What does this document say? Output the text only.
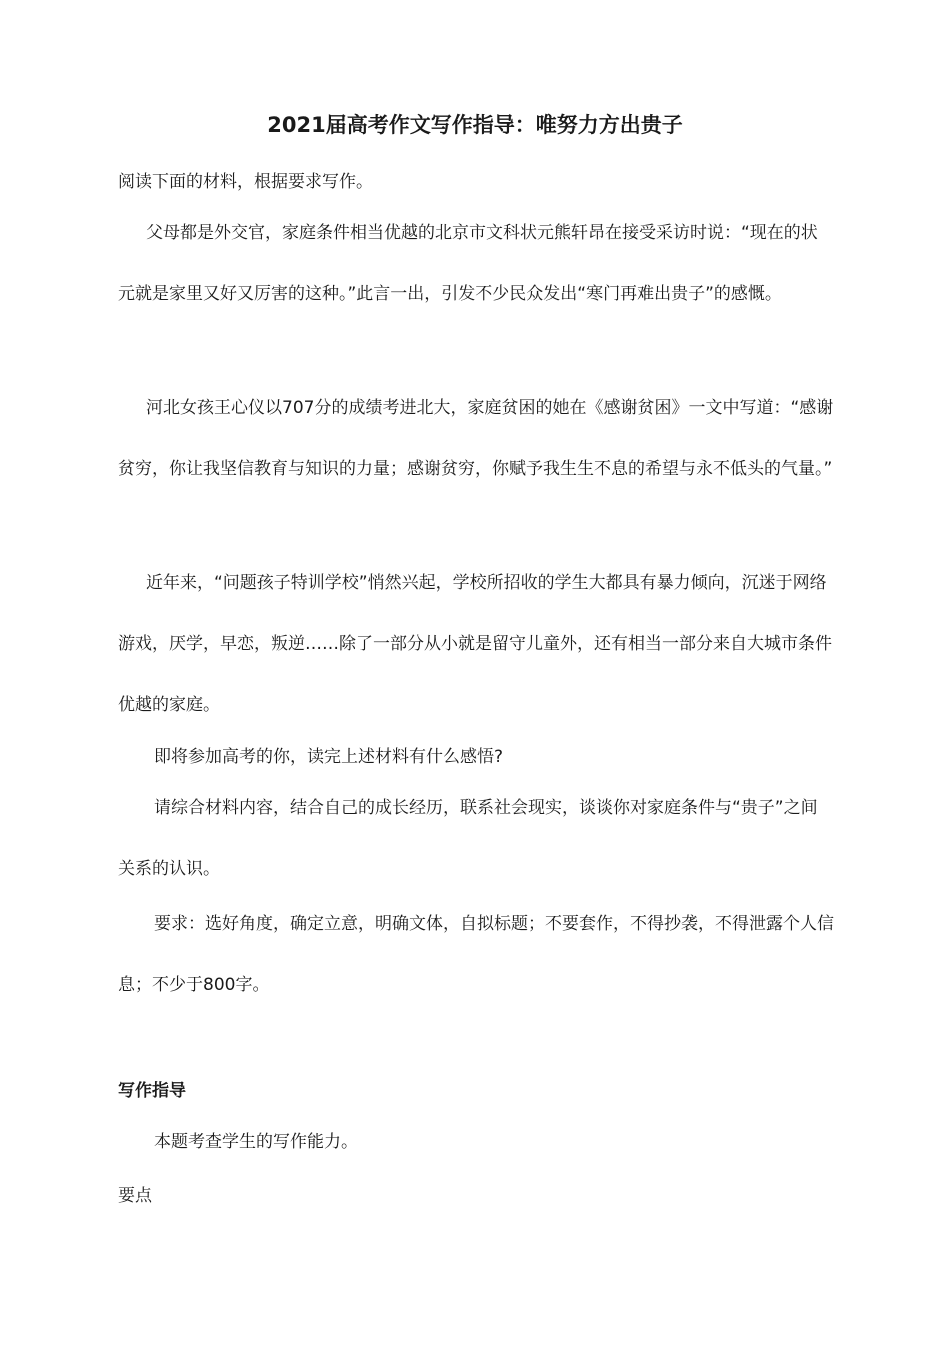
2021届高考作文写作指导：唯努力方出贵子

阅读下面的材料，根据要求写作。

父母都是外交官，家庭条件相当优越的北京市文科状元熊轩昂在接受采访时说：“现在的状元就是家里又好又厉害的这种。”此言一出，引发不少民众发出“寒门再难出贵子”的感慨。

河北女孩王心仪以707分的成绩考进北大，家庭贫困的她在《感谢贫困》一文中写道：“感谢贫穷，你让我坚信教育与知识的力量；感谢贫穷，你赋予我生生不息的希望与永不低头的气量。”

近年来，“问题孩子特训学校”悄然兴起，学校所招收的学生大都具有暴力倾向，沉迷于网络游戏，厌学，早恋，叛逆……除了一部分从小就是留守儿童外，还有相当一部分来自大城市条件优越的家庭。

即将参加高考的你，读完上述材料有什么感悟?

请综合材料内容，结合自己的成长经历，联系社会现实，谈谈你对家庭条件与“贵子”之间关系的认识。

要求：选好角度，确定立意，明确文体，自拟标题；不要套作，不得抄袭，不得泄露个人信息；不少于800字。

写作指导

本题考查学生的写作能力。

要点
